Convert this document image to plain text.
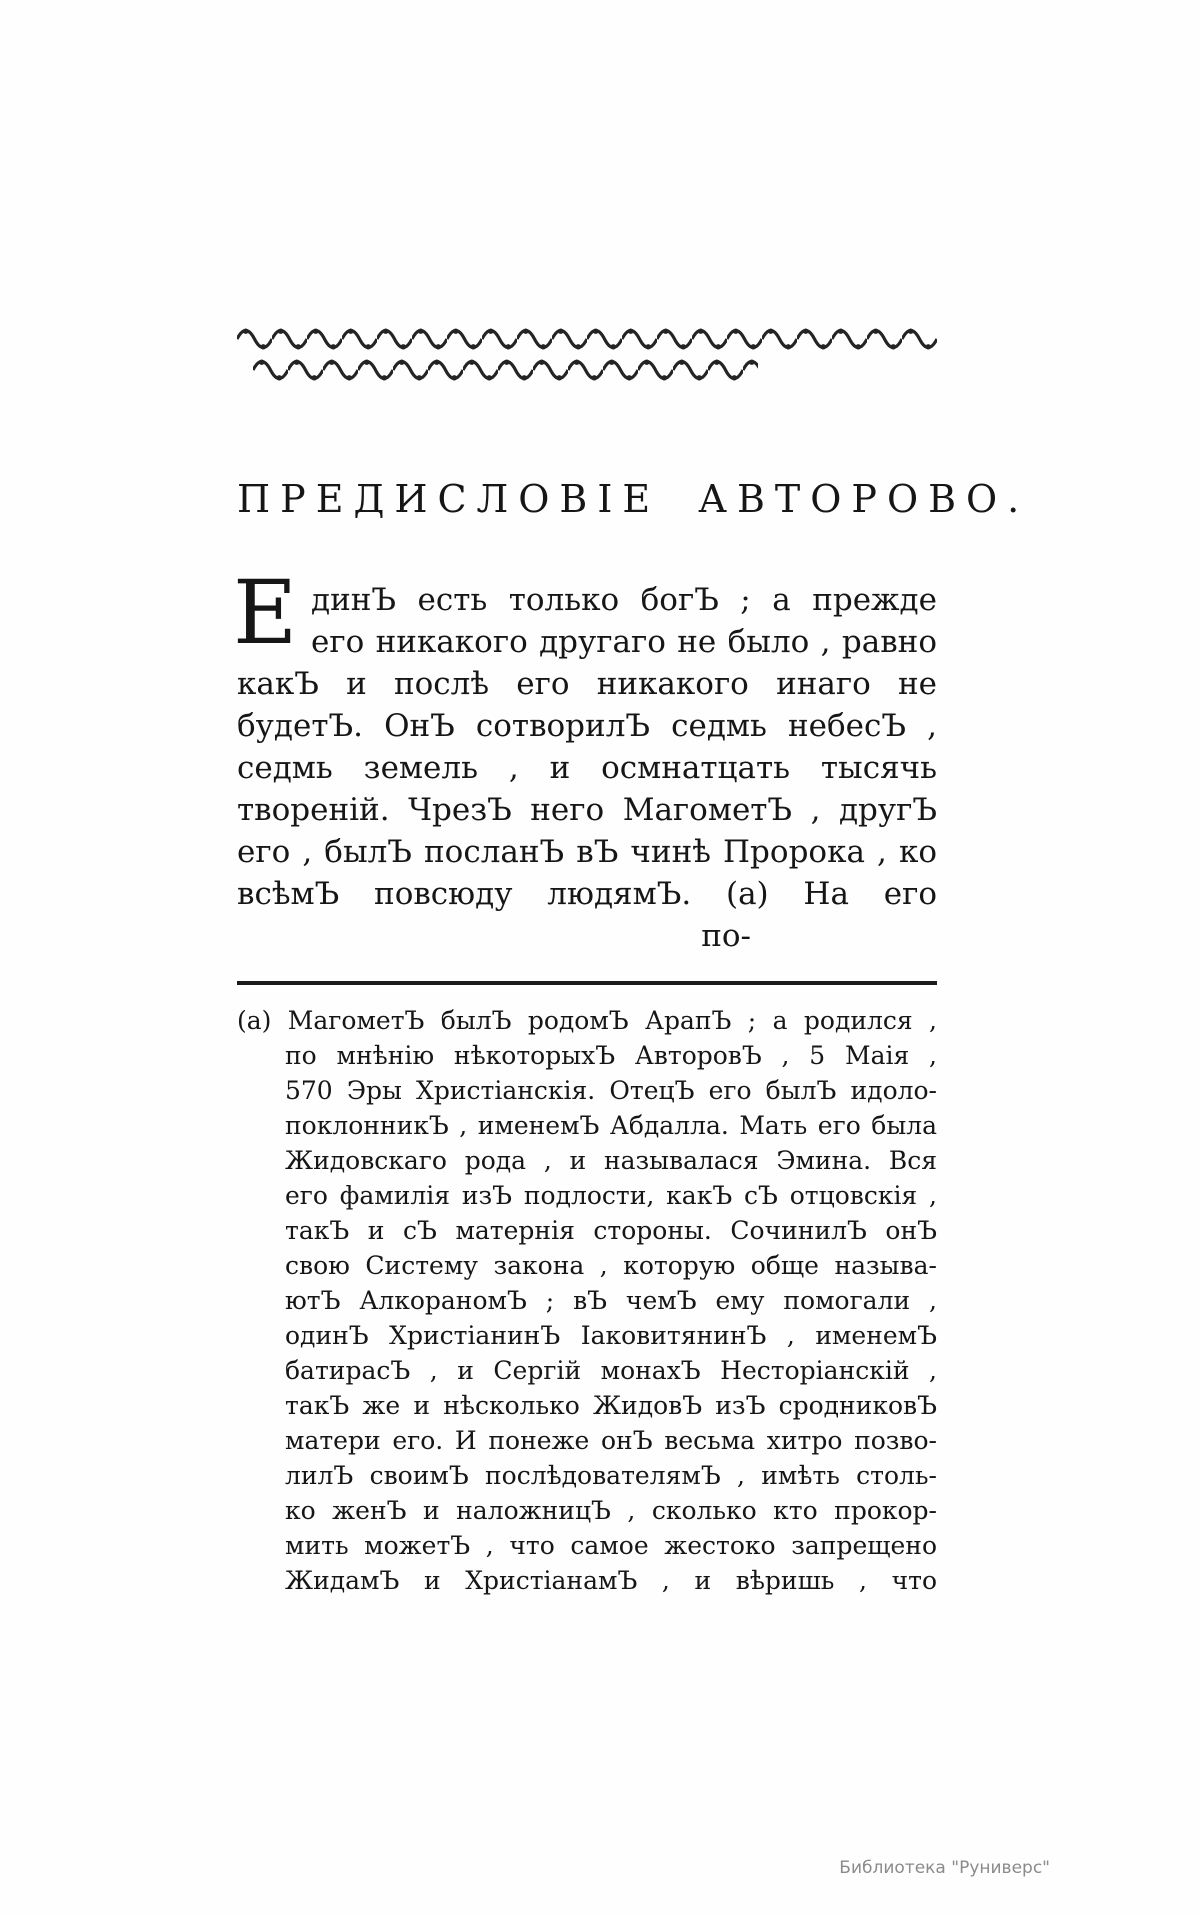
ПРЕДИСЛОВІЕ АВТОРОВО.
Е динЪ есть только богЪ ; а прежде
его никакого другаго не было , равно
какЪ и послѣ его никакого инаго не
будетЪ. ОнЪ сотворилЪ седмь небесЪ ,
седмь земель , и осмнатцать тысячь
твореній. ЧрезЪ него МагометЪ , другЪ
его , былЪ посланЪ вЪ чинѣ Пророка , ко
всѣмЪ повсюду людямЪ. (а) На его
по-
(а) МагометЪ былЪ родомЪ АрапЪ ; а родился ,
по мнѣнію нѣкоторыхЪ АвторовЪ , 5 Маія ,
570 Эры Христіанскія. ОтецЪ его былЪ идоло-
поклонникЪ , именемЪ Абдалла. Мать его была
Жидовскаго рода , и называлася Эмина. Вся
его фамилія изЪ подлости, какЪ сЪ отцовскія ,
такЪ и сЪ матернія стороны. СочинилЪ онЪ
свою Систему закона , которую обще называ-
ютЪ АлкораномЪ ; вЪ чемЪ ему помогали ,
одинЪ ХристіанинЪ ІаковитянинЪ , именемЪ
батирасЪ , и Сергій монахЪ Несторіанскій ,
такЪ же и нѣсколько ЖидовЪ изЪ сродниковЪ
матери его. И понеже онЪ весьма хитро позво-
лилЪ своимЪ послѣдователямЪ , имѣть столь-
ко женЪ и наложницЪ , сколько кто прокор-
мить можетЪ , что самое жестоко запрещено
ЖидамЪ и ХристіанамЪ , и вѣришь , что
Библиотека "Руниверс"
